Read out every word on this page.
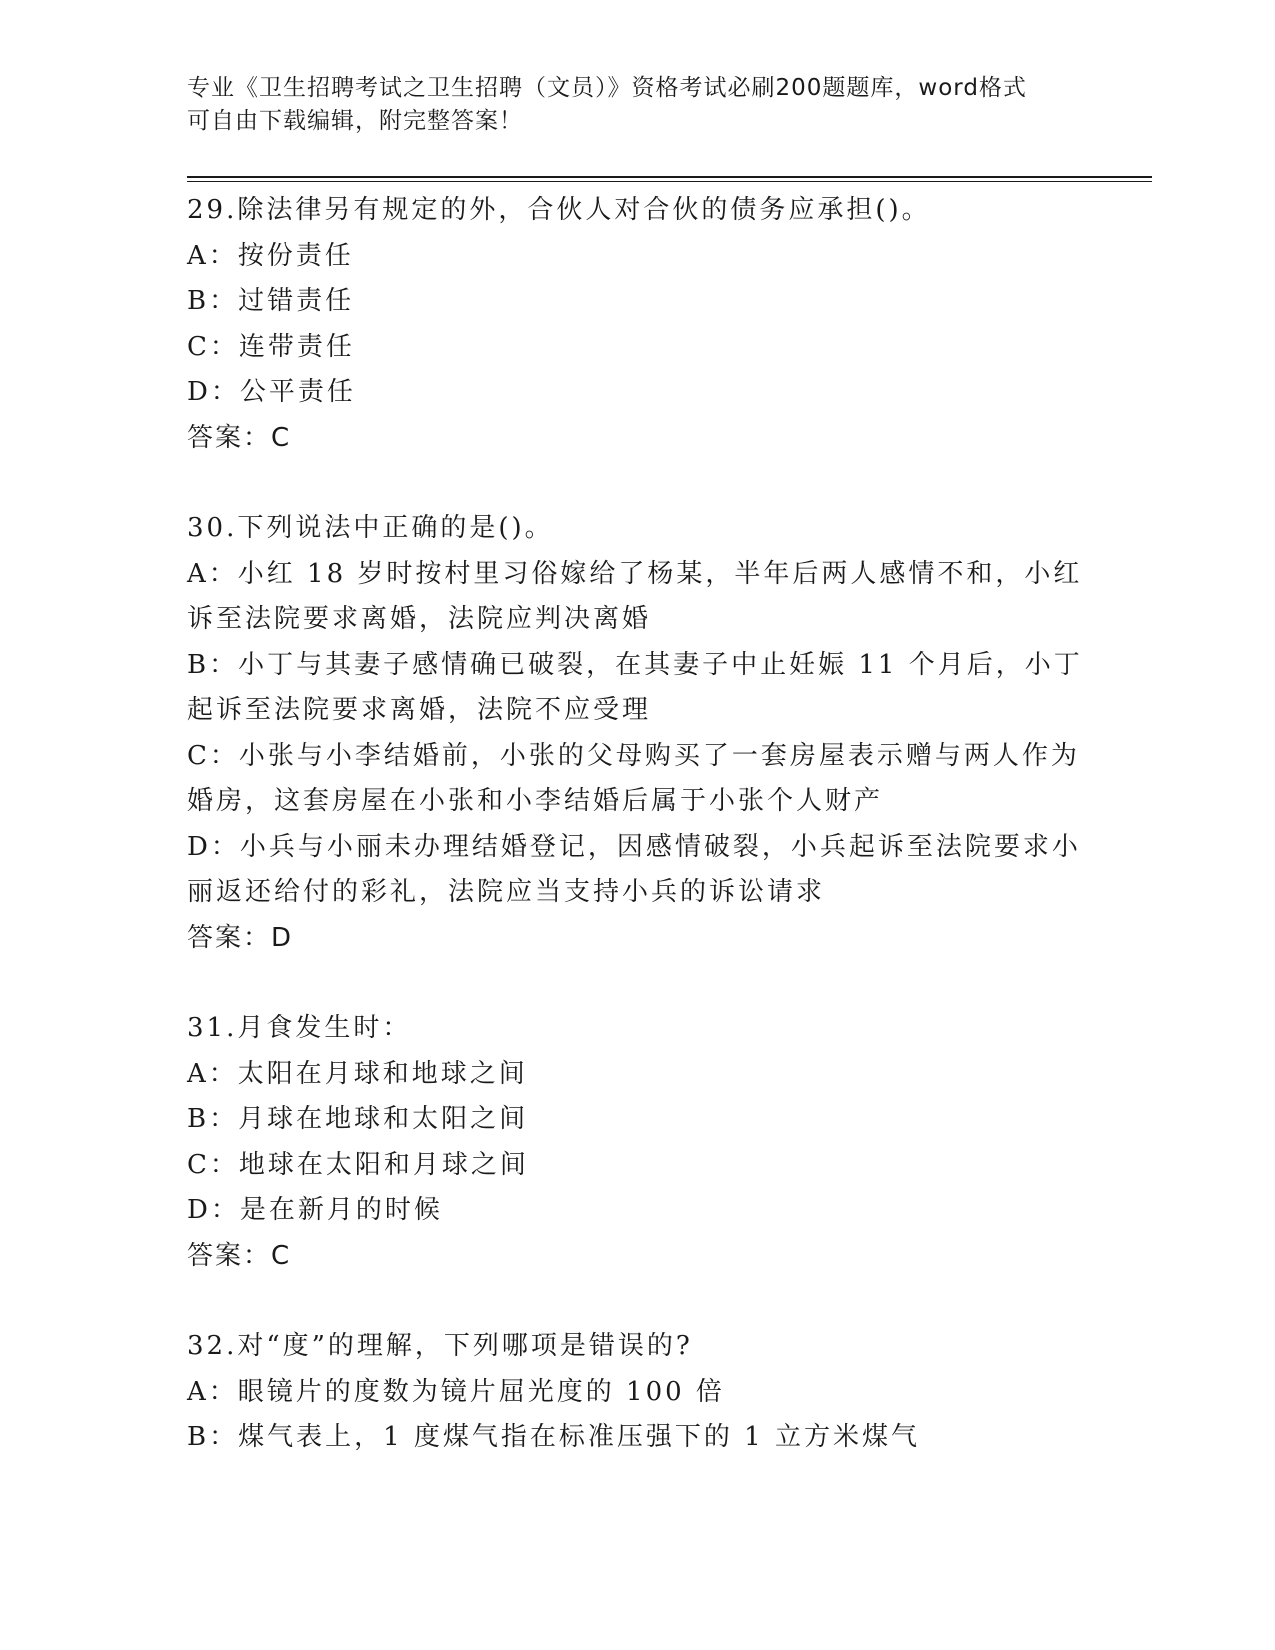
专业《卫生招聘考试之卫生招聘（文员）》资格考试必刷200题题库，word格式
可自由下载编辑，附完整答案！
29.除法律另有规定的外，合伙人对合伙的债务应承担()。
A：按份责任
B：过错责任
C：连带责任
D：公平责任
答案：C
30.下列说法中正确的是()。
A：小红 18 岁时按村里习俗嫁给了杨某，半年后两人感情不和，小红
诉至法院要求离婚，法院应判决离婚
B：小丁与其妻子感情确已破裂，在其妻子中止妊娠 11 个月后，小丁
起诉至法院要求离婚，法院不应受理
C：小张与小李结婚前，小张的父母购买了一套房屋表示赠与两人作为
婚房，这套房屋在小张和小李结婚后属于小张个人财产
D：小兵与小丽未办理结婚登记，因感情破裂，小兵起诉至法院要求小
丽返还给付的彩礼，法院应当支持小兵的诉讼请求
答案：D
31.月食发生时：
A：太阳在月球和地球之间
B：月球在地球和太阳之间
C：地球在太阳和月球之间
D：是在新月的时候
答案：C
32.对“度”的理解，下列哪项是错误的?
A：眼镜片的度数为镜片屈光度的 100 倍
B：煤气表上，1 度煤气指在标准压强下的 1 立方米煤气
